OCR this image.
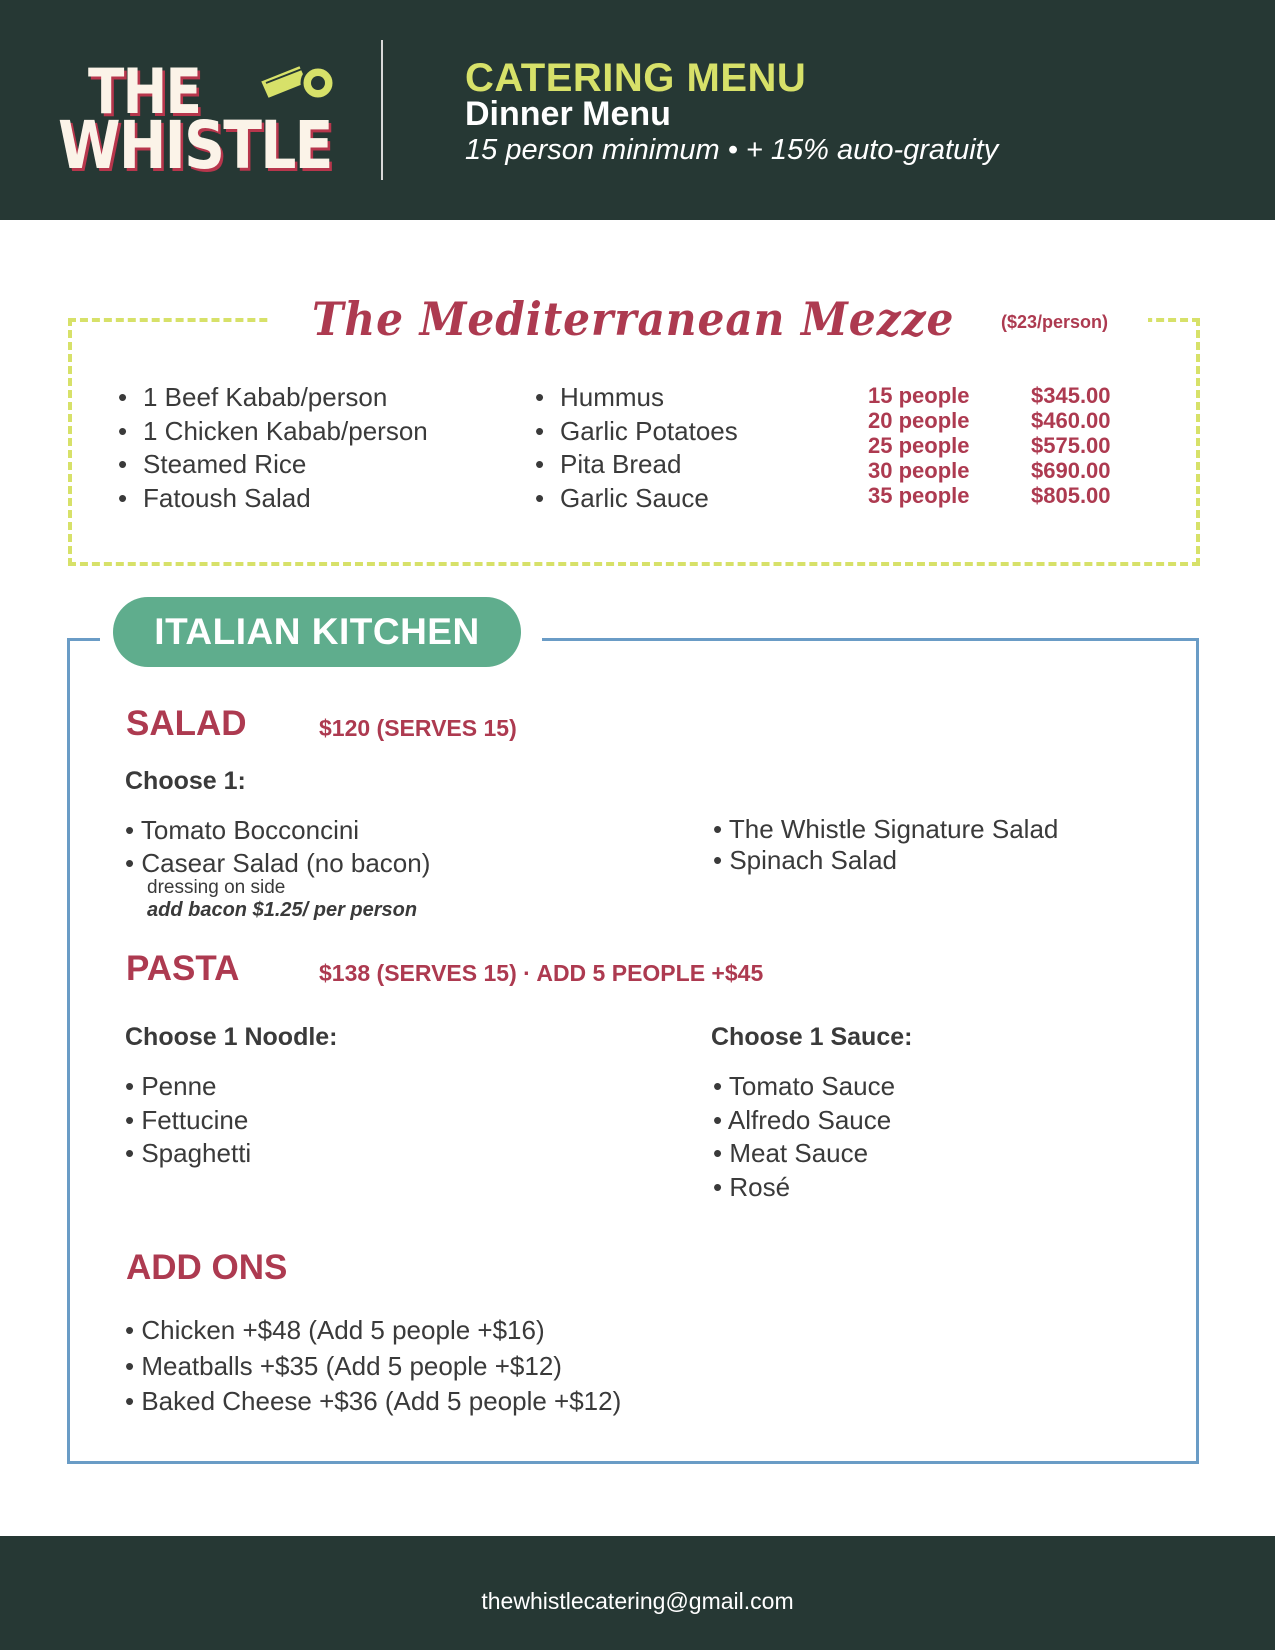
THE
WHISTLE
CATERING MENU
Dinner Menu
15 person minimum • + 15% auto-gratuity
The Mediterranean Mezze	($23/person)
• 1 Beef Kabab/person
• 1 Chicken Kabab/person
• Steamed Rice
• Fatoush Salad
• Hummus
• Garlic Potatoes
• Pita Bread
• Garlic Sauce
15 people	$345.00
20 people	$460.00
25 people	$575.00
30 people	$690.00
35 people	$805.00
ITALIAN KITCHEN
SALAD	$120 (SERVES 15)
Choose 1:
• Tomato Bocconcini
• Casear Salad (no bacon)
dressing on side
add bacon $1.25/ per person
• The Whistle Signature Salad
• Spinach Salad
PASTA	$138 (SERVES 15) · ADD 5 PEOPLE +$45
Choose 1 Noodle:
• Penne
• Fettucine
• Spaghetti
Choose 1 Sauce:
• Tomato Sauce
• Alfredo Sauce
• Meat Sauce
• Rosé
ADD ONS
• Chicken +$48 (Add 5 people +$16)
• Meatballs +$35 (Add 5 people +$12)
• Baked Cheese +$36 (Add 5 people +$12)
thewhistlecatering@gmail.com
